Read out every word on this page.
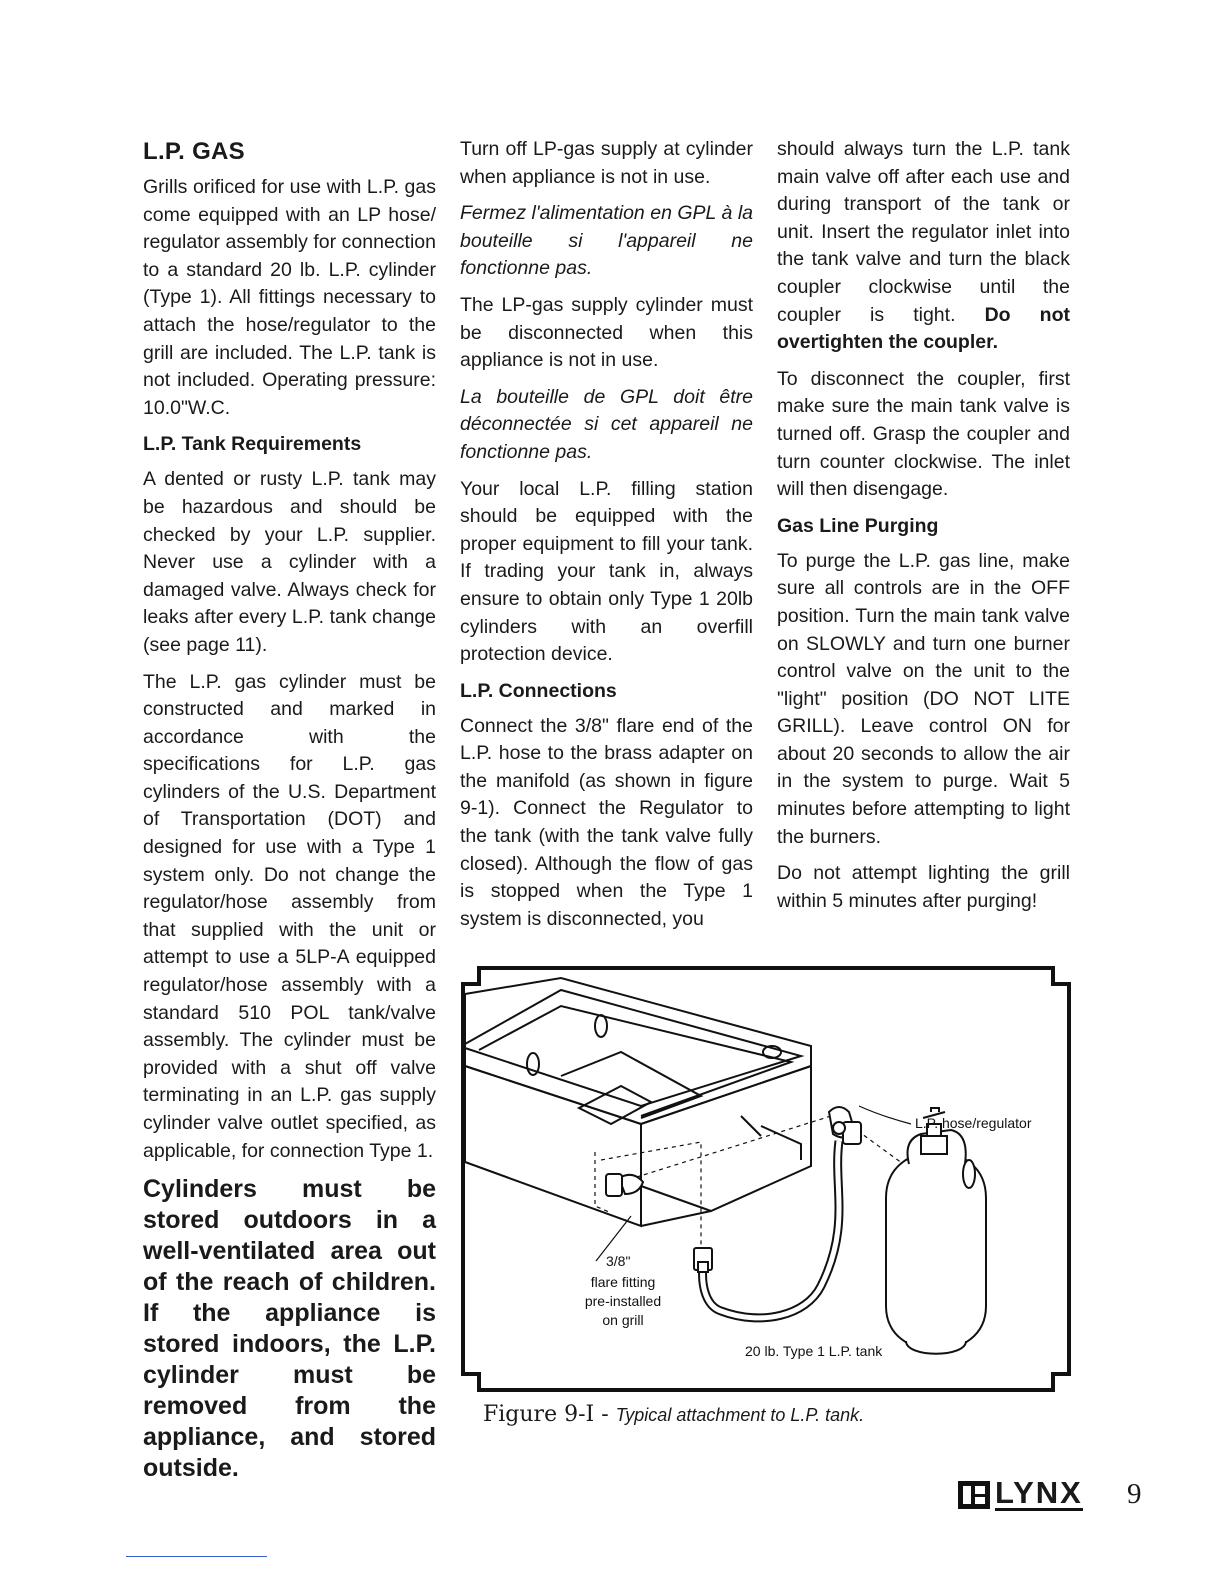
L.P. GAS

Grills orificed for use with L.P. gas come equipped with an LP hose/ regulator assembly for connection to a standard 20 lb. L.P. cylinder (Type 1). All fittings necessary to attach the hose/regulator to the grill are included. The L.P. tank is not included. Operating pressure: 10.0"W.C.

L.P. Tank Requirements

A dented or rusty L.P. tank may be hazardous and should be checked by your L.P. supplier. Never use a cylinder with a damaged valve. Always check for leaks after every L.P. tank change (see page 11).

The L.P. gas cylinder must be constructed and marked in accordance with the specifications for L.P. gas cylinders of the U.S. Department of Transportation (DOT) and designed for use with a Type 1 system only. Do not change the regulator/hose assembly from that supplied with the unit or attempt to use a 5LP-A equipped regulator/hose assembly with a standard 510 POL tank/valve assembly. The cylinder must be provided with a shut off valve terminating in an L.P. gas supply cylinder valve outlet specified, as applicable, for connection Type 1.

Cylinders must be stored outdoors in a well-ventilated area out of the reach of children. If the appliance is stored indoors, the L.P. cylinder must be removed from the appliance, and stored outside.

Turn off LP-gas supply at cylinder when appliance is not in use.

Fermez l'alimentation en GPL à la bouteille si l'appareil ne fonctionne pas.

The LP-gas supply cylinder must be disconnected when this appliance is not in use.

La bouteille de GPL doit être déconnectée si cet appareil ne fonctionne pas.

Your local L.P. filling station should be equipped with the proper equipment to fill your tank. If trading your tank in, always ensure to obtain only Type 1 20lb cylinders with an overfill protection device.

L.P. Connections

Connect the 3/8" flare end of the L.P. hose to the brass adapter on the manifold (as shown in figure 9-1). Connect the Regulator to the tank (with the tank valve fully closed). Although the flow of gas is stopped when the Type 1 system is disconnected, you

should always turn the L.P. tank main valve off after each use and during transport of the tank or unit. Insert the regulator inlet into the tank valve and turn the black coupler clockwise until the coupler is tight. Do not overtighten the coupler.

To disconnect the coupler, first make sure the main tank valve is turned off. Grasp the coupler and turn counter clockwise. The inlet will then disengage.

Gas Line Purging

To purge the L.P. gas line, make sure all controls are in the OFF position. Turn the main tank valve on SLOWLY and turn one burner control valve on the unit to the "light" position (DO NOT LITE GRILL). Leave control ON for about 20 seconds to allow the air in the system to purge. Wait 5 minutes before attempting to light the burners.

Do not attempt lighting the grill within 5 minutes after purging!

L.P. hose/regulator
3/8"
flare fitting
pre-installed
on grill
20 lb. Type 1 L.P. tank
Figure 9-I - Typical attachment to L.P. tank.
LYNX 9
